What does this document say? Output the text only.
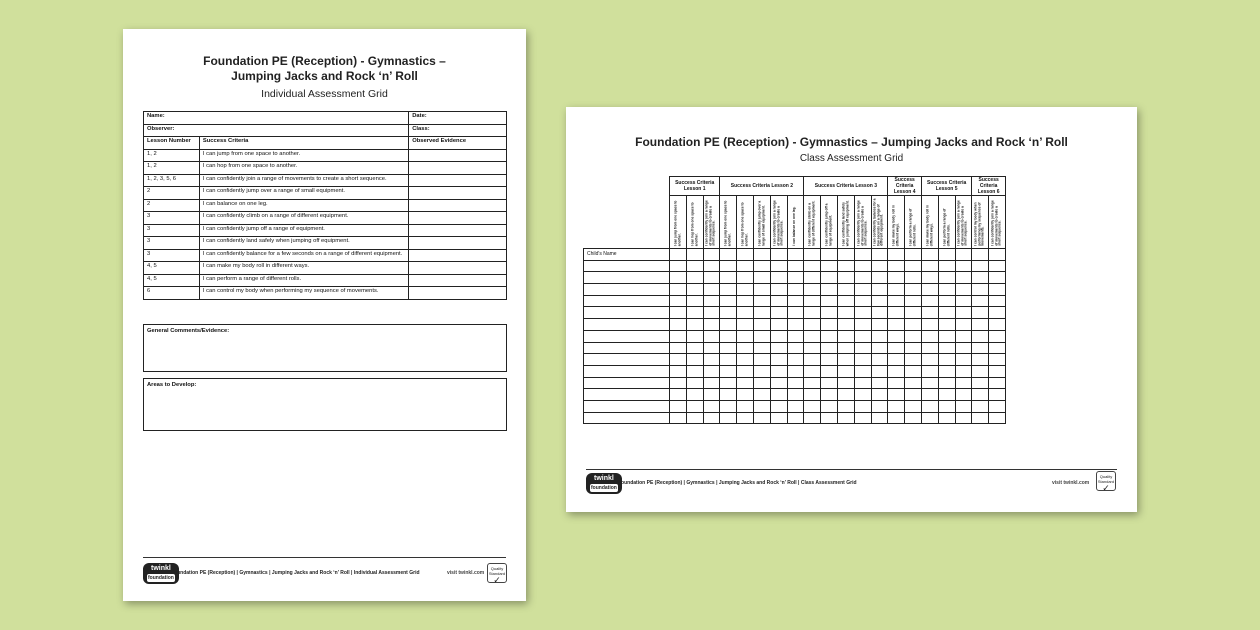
Foundation PE (Reception) - Gymnastics –
Jumping Jacks and Rock ‘n’ Roll
Individual Assessment Grid
Name:		Date:
Observer:		Class:
Lesson Number	Success Criteria	Observed Evidence
1, 2	I can jump from one space to another.	
1, 2	I can hop from one space to another.	
1, 2, 3, 5, 6	I can confidently join a range of movements to create a short sequence.	
2	I can confidently jump over a range of small equipment.	
2	I can balance on one leg.	
3	I can confidently climb on a range of different equipment.	
3	I can confidently jump off a range of equipment.	
3	I can confidently land safely when jumping off equipment.	
3	I can confidently balance for a few seconds on a range of different equipment.	
4, 5	I can make my body roll in different ways.	
4, 5	I can perform a range of different rolls.	
6	I can control my body when performing my sequence of movements.	
General Comments/Evidence:
Areas to Develop:
twinkl
foundation
Foundation PE (Reception) | Gymnastics | Jumping Jacks and Rock ‘n’ Roll | Individual Assessment Grid	visit twinkl.com
Quality Standard
✓
Foundation PE (Reception) - Gymnastics – Jumping Jacks and Rock ‘n’ Roll
Class Assessment Grid
	Success Criteria Lesson 1			Success Criteria Lesson 2					Success Criteria Lesson 3					Success Criteria Lesson 4		Success Criteria Lesson 5			Success Criteria Lesson 6	

	I can jump from one space to another.	I can hop from one space to another.	I can confidently join a range of movements to create a short sequence.	I can jump from one space to another.	I can hop from one space to another.	I can confidently jump over a range of small equipment.	I can confidently join a range of movements to create a short sequence.	I can balance on one leg.	I can confidently climb on a range of different equipment.	I can confidently jump off a range of equipment.	I can confidently land safely when jumping off equipment.	I can confidently join a range of movements to create a short sequence.	I can confidently balance for a few seconds on a range of different equipment.	I can make my body roll in different ways.	I can perform a range of different rolls.	I can make my body roll in different ways.	I can perform a range of different rolls.	I can confidently join a range of movements to create a short sequence.	I can control my body when performing my sequence of movements.	I can confidently join a range of movements to create a short sequence.

Child's Name																				

twinkl
foundation
Foundation PE (Reception) | Gymnastics | Jumping Jacks and Rock ‘n’ Roll | Class Assessment Grid	visit twinkl.com
Quality Standard
✓
